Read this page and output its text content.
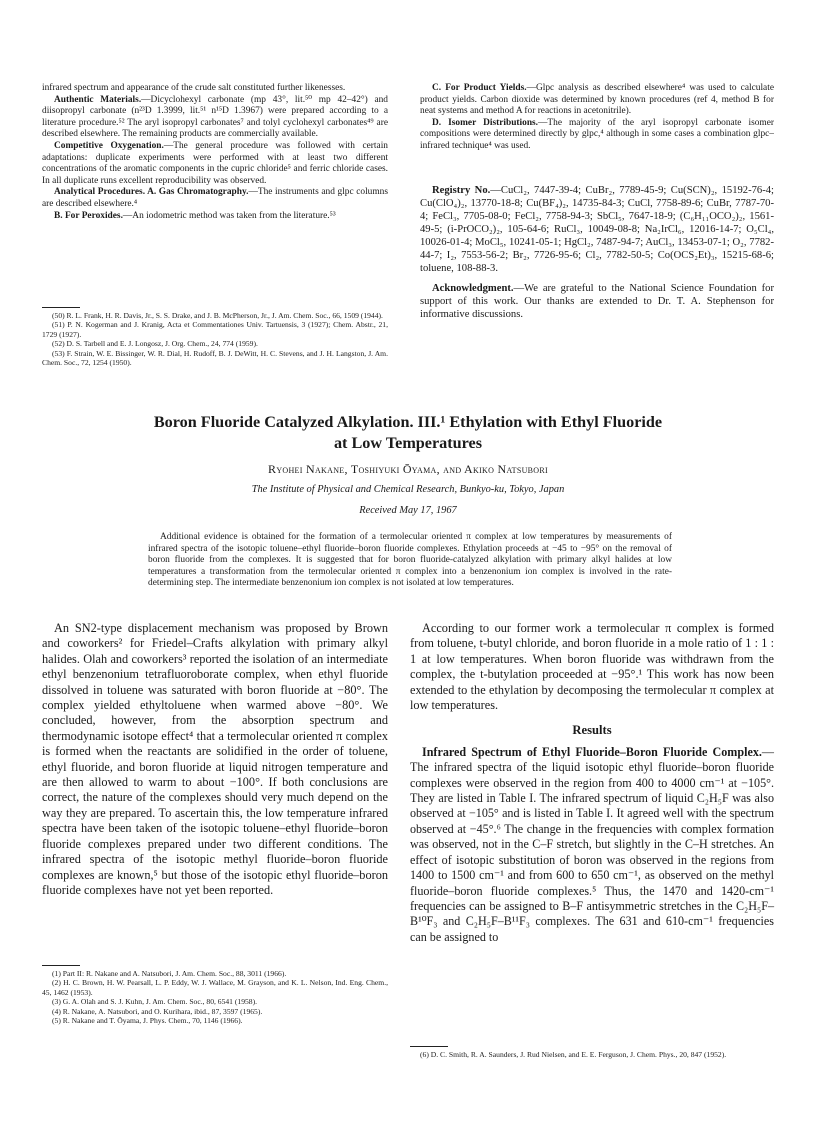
infrared spectrum and appearance of the crude salt constituted further likenesses.

Authentic Materials.—Dicyclohexyl carbonate (mp 43°, lit.⁵⁰ mp 42–42°) and diisopropyl carbonate (n²³D 1.3999, lit.⁵¹ n¹⁵D 1.3967) were prepared according to a literature procedure.⁵² The aryl isopropyl carbonates⁷ and tolyl cyclohexyl carbonates⁴⁹ are described elsewhere. The remaining products are commercially available.

Competitive Oxygenation.—The general procedure was followed with certain adaptations: duplicate experiments were performed with at least two different concentrations of the aromatic components in the cupric chloride⁵ and ferric chloride cases. In all duplicate runs excellent reproducibility was observed.

Analytical Procedures. A. Gas Chromatography.—The instruments and glpc columns are described elsewhere.⁴

B. For Peroxides.—An iodometric method was taken from the literature.⁵³

(50) R. L. Frank, H. R. Davis, Jr., S. S. Drake, and J. B. McPherson, Jr., J. Am. Chem. Soc., 66, 1509 (1944).

(51) P. N. Kogerman and J. Kranig, Acta et Commentationes Univ. Tartuensis, 3 (1927); Chem. Abstr., 21, 1729 (1927).

(52) D. S. Tarbell and E. J. Longosz, J. Org. Chem., 24, 774 (1959).

(53) F. Strain, W. E. Bissinger, W. R. Dial, H. Rudoff, B. J. DeWitt, H. C. Stevens, and J. H. Langston, J. Am. Chem. Soc., 72, 1254 (1950).

C. For Product Yields.—Glpc analysis as described elsewhere⁴ was used to calculate product yields. Carbon dioxide was determined by known procedures (ref 4, method B for neat systems and method A for reactions in acetonitrile).

D. Isomer Distributions.—The majority of the aryl isopropyl carbonate isomer compositions were determined directly by glpc,⁴ although in some cases a combination glpc–infrared technique⁴ was used.

Registry No.—CuCl₂, 7447-39-4; CuBr₂, 7789-45-9; Cu(SCN)₂, 15192-76-4; Cu(ClO₄)₂, 13770-18-8; Cu(BF₄)₂, 14735-84-3; CuCl, 7758-89-6; CuBr, 7787-70-4; FeCl₃, 7705-08-0; FeCl₂, 7758-94-3; SbCl₅, 7647-18-9; (C₆H₁₁OCO₂)₂, 1561-49-5; (i-PrOCO₂)₂, 105-64-6; RuCl₃, 10049-08-8; Na₂IrCl₆, 12016-14-7; O₅Cl₄, 10026-01-4; MoCl₅, 10241-05-1; HgCl₂, 7487-94-7; AuCl₃, 13453-07-1; O₂, 7782-44-7; I₂, 7553-56-2; Br₂, 7726-95-6; Cl₂, 7782-50-5; Co(OCS₂Et)₃, 15215-68-6; toluene, 108-88-3.

Acknowledgment.—We are grateful to the National Science Foundation for support of this work. Our thanks are extended to Dr. T. A. Stephenson for informative discussions.

Boron Fluoride Catalyzed Alkylation. III.¹ Ethylation with Ethyl Fluoride
at Low Temperatures
Ryohei Nakane, Toshiyuki Ōyama, and Akiko Natsubori
The Institute of Physical and Chemical Research, Bunkyo-ku, Tokyo, Japan
Received May 17, 1967
Additional evidence is obtained for the formation of a termolecular oriented π complex at low temperatures by measurements of infrared spectra of the isotopic toluene–ethyl fluoride–boron fluoride complexes. Ethylation proceeds at −45 to −95° on the removal of boron fluoride from the complexes. It is suggested that for boron fluoride-catalyzed alkylation with primary alkyl halides at low temperatures a transformation from the termolecular oriented π complex into a benzenonium ion complex is involved in the rate-determining step. The intermediate benzenonium ion complex is not isolated at low temperatures.

An SN2-type displacement mechanism was proposed by Brown and coworkers² for Friedel–Crafts alkylation with primary alkyl halides. Olah and coworkers³ reported the isolation of an intermediate ethyl benzenonium tetrafluoroborate complex, when ethyl fluoride dissolved in toluene was saturated with boron fluoride at −80°. The complex yielded ethyltoluene when warmed above −80°. We concluded, however, from the absorption spectrum and thermodynamic isotope effect⁴ that a termolecular oriented π complex is formed when the reactants are solidified in the order of toluene, ethyl fluoride, and boron fluoride at liquid nitrogen temperature and are then allowed to warm to about −100°. If both conclusions are correct, the nature of the complexes should very much depend on the way they are prepared. To ascertain this, the low temperature infrared spectra have been taken of the isotopic toluene–ethyl fluoride–boron fluoride complexes prepared under two different conditions. The infrared spectra of the isotopic methyl fluoride–boron fluoride complexes are known,⁵ but those of the isotopic ethyl fluoride–boron fluoride complexes have not yet been reported.

(1) Part II: R. Nakane and A. Natsubori, J. Am. Chem. Soc., 88, 3011 (1966).

(2) H. C. Brown, H. W. Pearsall, L. P. Eddy, W. J. Wallace, M. Grayson, and K. L. Nelson, Ind. Eng. Chem., 45, 1462 (1953).

(3) G. A. Olah and S. J. Kuhn, J. Am. Chem. Soc., 80, 6541 (1958).

(4) R. Nakane, A. Natsubori, and O. Kurihara, ibid., 87, 3597 (1965).

(5) R. Nakane and T. Ōyama, J. Phys. Chem., 70, 1146 (1966).

According to our former work a termolecular π complex is formed from toluene, t-butyl chloride, and boron fluoride in a mole ratio of 1 : 1 : 1 at low temperatures. When boron fluoride was withdrawn from the complex, the t-butylation proceeded at −95°.¹ This work has now been extended to the ethylation by decomposing the termolecular π complex at low temperatures.

Results

Infrared Spectrum of Ethyl Fluoride–Boron Fluoride Complex.—The infrared spectra of the liquid isotopic ethyl fluoride–boron fluoride complexes were observed in the region from 400 to 4000 cm⁻¹ at −105°. They are listed in Table I. The infrared spectrum of liquid C₂H₅F was also observed at −105° and is listed in Table I. It agreed well with the spectrum observed at −45°.⁶ The change in the frequencies with complex formation was observed, not in the C–F stretch, but slightly in the C–H stretches. An effect of isotopic substitution of boron was observed in the regions from 1400 to 1500 cm⁻¹ and from 600 to 650 cm⁻¹, as observed on the methyl fluoride–boron fluoride complexes.⁵ Thus, the 1470 and 1420-cm⁻¹ frequencies can be assigned to B–F antisymmetric stretches in the C₂H₅F–B¹⁰F₃ and C₂H₅F–B¹¹F₃ complexes. The 631 and 610-cm⁻¹ frequencies can be assigned to

(6) D. C. Smith, R. A. Saunders, J. Rud Nielsen, and E. E. Ferguson, J. Chem. Phys., 20, 847 (1952).
